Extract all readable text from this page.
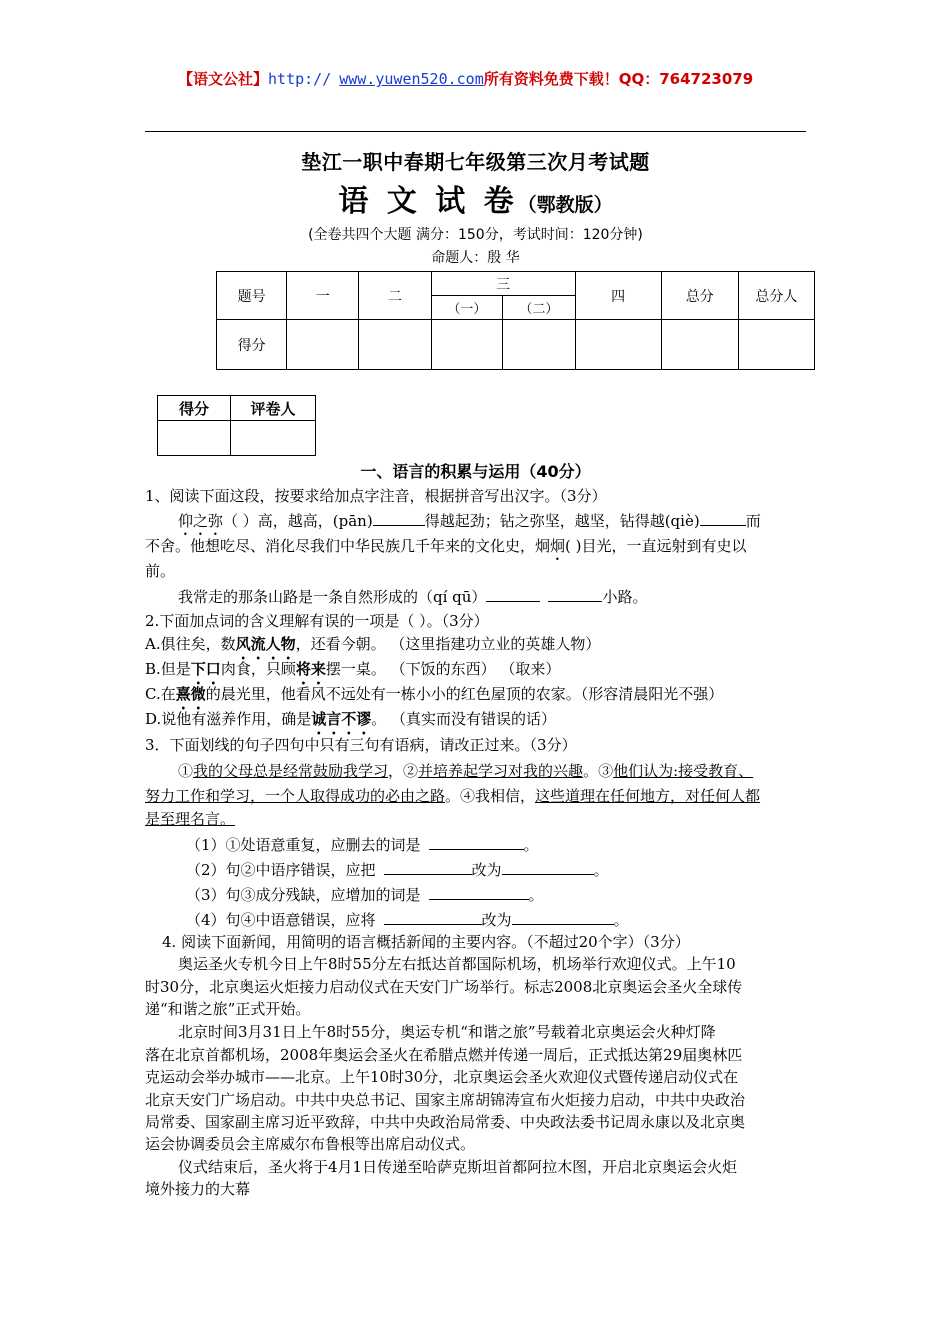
【语文公社】http:// www.yuwen520.com所有资料免费下载！QQ：764723079
垫江一职中春期七年级第三次月考试题
语 文 试 卷（鄂教版）
(全卷共四个大题 满分：150分，考试时间：120分钟)
命题人：殷 华
题号	一	二	三		四	总分	总分人
			（一）	（二）			
得分							
得分	评卷人

一、语言的积累与运用（40分）
1、阅读下面这段，按要求给加点字注音，根据拼音写出汉字。（3分）
仰之弥（ ）高，越高，(pān)	得越起劲；钻之弥坚，越坚，钻得越(qiè)	而
不舍。他想吃尽、消化尽我们中华民族几千年来的文化史，炯炯( )目光，一直远射到有史以
前。
我常走的那条山路是一条自然形成的（qí qū）	小路。
2.下面加点词的含义理解有误的一项是（ ）。（3分）
A.俱往矣，数风流人物，还看今朝。 （这里指建功立业的英雄人物）
B.但是下口肉食，只顾将来摆一桌。 （下饭的东西） （取来）
C.在熹微的晨光里，他看风不远处有一栋小小的红色屋顶的农家。（形容清晨阳光不强）
D.说他有滋养作用，确是诚言不谬。 （真实而没有错误的话）
3．下面划线的句子四句中只有三句有语病，请改正过来。（3分）
①我的父母总是经常鼓励我学习，②并培养起学习对我的兴趣。③他们认为:接受教育、
努力工作和学习，一个人取得成功的必由之路。④我相信，这些道理在任何地方，对任何人都
是至理名言。
（1）①处语意重复，应删去的词是	。
（2）句②中语序错误，应把	改为	。
（3）句③成分残缺，应增加的词是	。
（4）句④中语意错误，应将	改为	。
4. 阅读下面新闻，用简明的语言概括新闻的主要内容。（不超过20个字）（3分）
奥运圣火专机今日上午8时55分左右抵达首都国际机场，机场举行欢迎仪式。上午10
时30分，北京奥运火炬接力启动仪式在天安门广场举行。标志2008北京奥运会圣火全球传
递“和谐之旅”正式开始。
北京时间3月31日上午8时55分，奥运专机“和谐之旅”号载着北京奥运会火种灯降
落在北京首都机场，2008年奥运会圣火在希腊点燃并传递一周后，正式抵达第29届奥林匹
克运动会举办城市——北京。上午10时30分，北京奥运会圣火欢迎仪式暨传递启动仪式在
北京天安门广场启动。中共中央总书记、国家主席胡锦涛宣布火炬接力启动，中共中央政治
局常委、国家副主席习近平致辞，中共中央政治局常委、中央政法委书记周永康以及北京奥
运会协调委员会主席威尔布鲁根等出席启动仪式。
仪式结束后，圣火将于4月1日传递至哈萨克斯坦首都阿拉木图，开启北京奥运会火炬
境外接力的大幕
